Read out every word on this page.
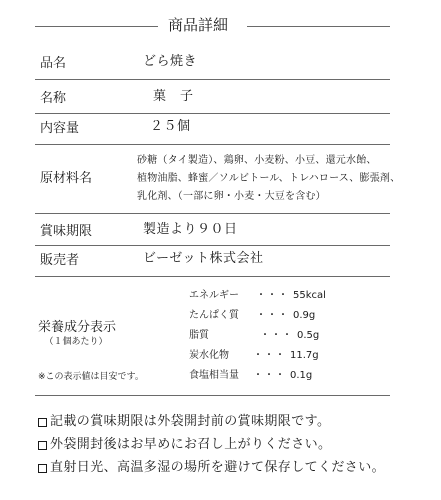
商品詳細
品名	どら焼き
名称	菓　子
内容量	２５個
原材料名
砂糖（タイ製造）、鶏卵、小麦粉、小豆、還元水飴、
植物油脂、蜂蜜／ソルビトール、トレハロース、膨張剤、
乳化剤、（一部に卵・小麦・大豆を含む）
賞味期限	製造より９０日
販売者	ビーゼット株式会社
栄養成分表示
（１個あたり）
エネルギー ・・・ 55kcal
たんぱく質 ・・・ 0.9g
脂質	・・・ 0.5g
炭水化物 ・・・ 11.7g
食塩相当量 ・・・ 0.1g
※この表示値は目安です。
記載の賞味期限は外袋開封前の賞味期限です。
外袋開封後はお早めにお召し上がりください。
直射日光、高温多湿の場所を避けて保存してください。
